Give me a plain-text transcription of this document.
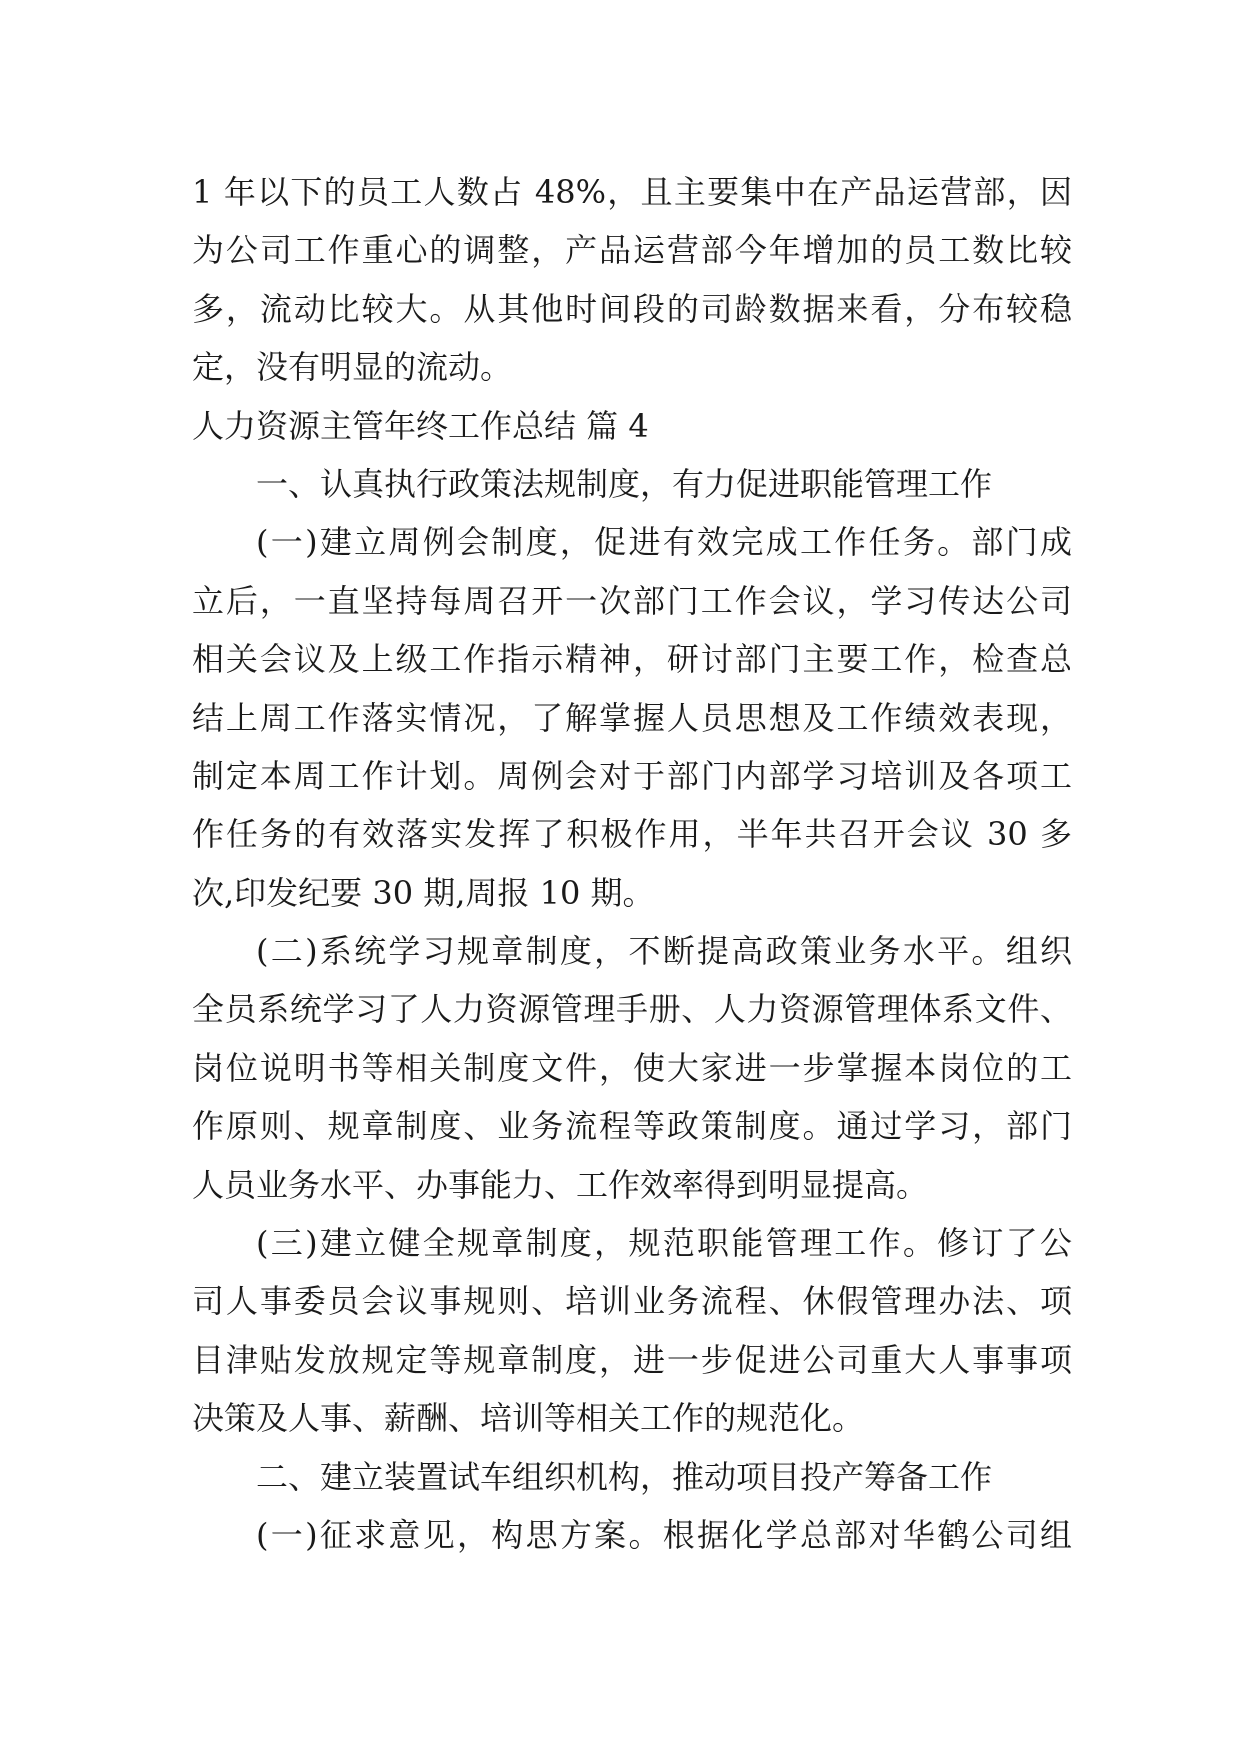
1 年以下的员工人数占 48%，且主要集中在产品运营部，因
为公司工作重心的调整，产品运营部今年增加的员工数比较
多，流动比较大。从其他时间段的司龄数据来看，分布较稳
定，没有明显的流动。
人力资源主管年终工作总结 篇 4
一、认真执行政策法规制度，有力促进职能管理工作
(一)建立周例会制度，促进有效完成工作任务。部门成
立后，一直坚持每周召开一次部门工作会议，学习传达公司
相关会议及上级工作指示精神，研讨部门主要工作，检查总
结上周工作落实情况，了解掌握人员思想及工作绩效表现，
制定本周工作计划。周例会对于部门内部学习培训及各项工
作任务的有效落实发挥了积极作用，半年共召开会议 30 多
次,印发纪要 30 期,周报 10 期。
(二)系统学习规章制度，不断提高政策业务水平。组织
全员系统学习了人力资源管理手册、人力资源管理体系文件、
岗位说明书等相关制度文件，使大家进一步掌握本岗位的工
作原则、规章制度、业务流程等政策制度。通过学习，部门
人员业务水平、办事能力、工作效率得到明显提高。
(三)建立健全规章制度，规范职能管理工作。修订了公
司人事委员会议事规则、培训业务流程、休假管理办法、项
目津贴发放规定等规章制度，进一步促进公司重大人事事项
决策及人事、薪酬、培训等相关工作的规范化。
二、建立装置试车组织机构，推动项目投产筹备工作
(一)征求意见，构思方案。根据化学总部对华鹤公司组
